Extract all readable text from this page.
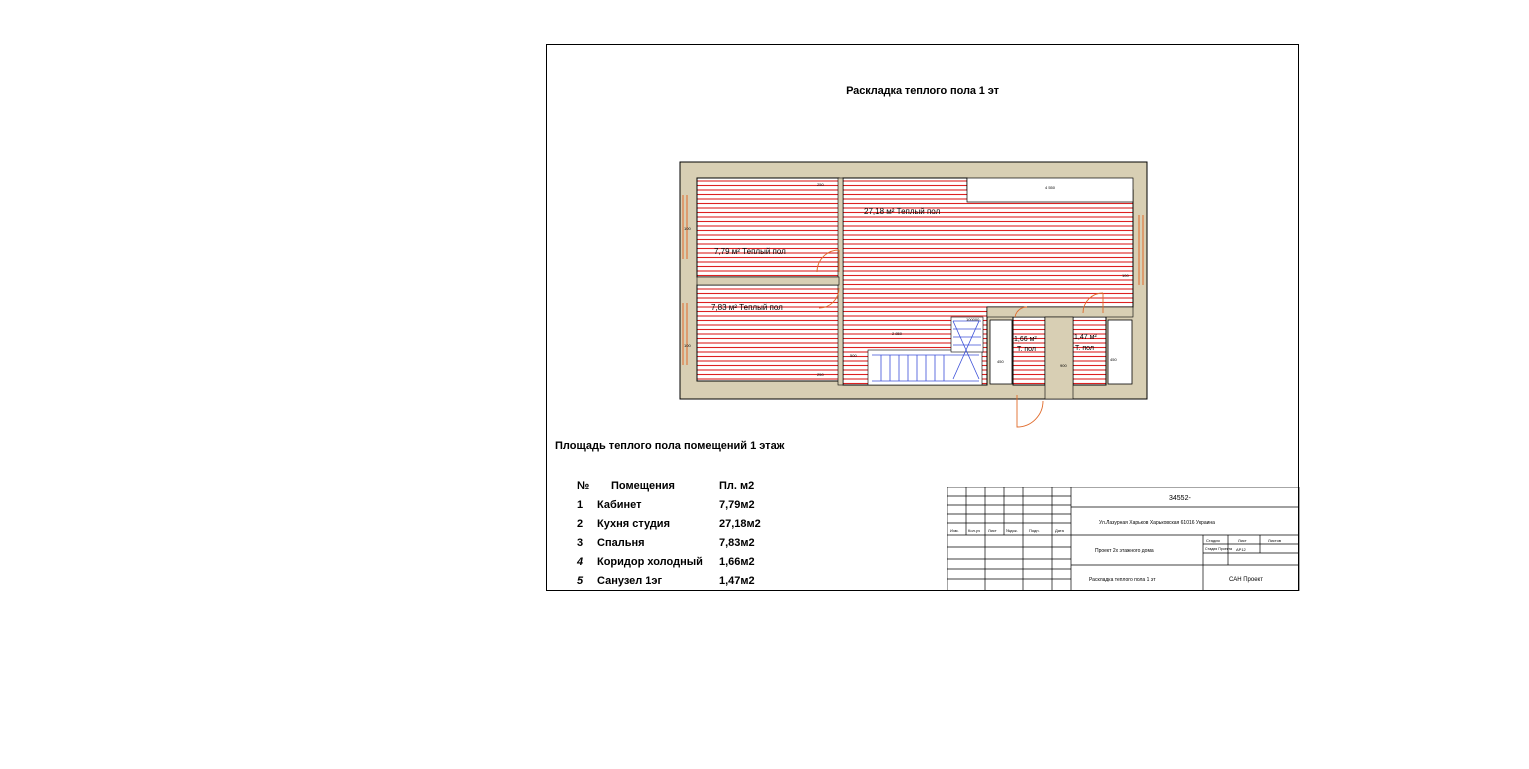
Раскладка теплого пола 1 эт
4 550
250
250
100
100
100
500
2 850
450
450
900
100000
7,79 м² Теплый пол
27,18 м² Теплый пол
7,83 м² Теплый пол
1,66 м²
Т. пол
1,47 м²
Т. пол
Площадь теплого пола помещений 1 этаж
№	Помещения	Пл. м2
1	Кабинет	7,79м2
2	Кухня студия	27,18м2
3	Спальня	7,83м2
4	Коридор холодный	1,66м2
5	Санузел 1эг	1,47м2
Изм. Кол.уч Лист №док.	Подп.	Дата
34552-
Ул.Лазурная Харьков Харьковская 61016 Украина
Проект 2х этажного дома
Раскладка теплого пола 1 эт	САН Проект
Стадия	Лист	Листов
Стадия Проекта АР12
